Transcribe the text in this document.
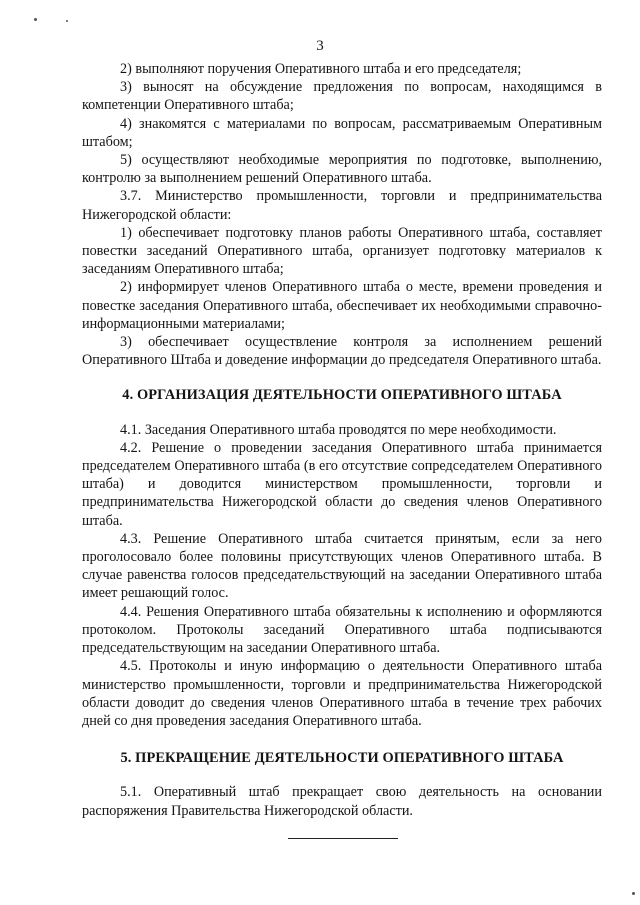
3

2) выполняют поручения Оперативного штаба и его председателя;

3) выносят на обсуждение предложения по вопросам, находящимся в компетенции Оперативного штаба;

4) знакомятся с материалами по вопросам, рассматриваемым Оперативным штабом;

5) осуществляют необходимые мероприятия по подготовке, выполнению, контролю за выполнением решений Оперативного штаба.

3.7. Министерство промышленности, торговли и предпринимательства Нижегородской области:

1) обеспечивает подготовку планов работы Оперативного штаба, составляет повестки заседаний Оперативного штаба, организует подготовку материалов к заседаниям Оперативного штаба;

2) информирует членов Оперативного штаба о месте, времени проведения и повестке заседания Оперативного штаба, обеспечивает их необходимыми справочно-информационными материалами;

3) обеспечивает осуществление контроля за исполнением решений Оперативного Штаба и доведение информации до председателя Оперативного штаба.

4. ОРГАНИЗАЦИЯ ДЕЯТЕЛЬНОСТИ ОПЕРАТИВНОГО ШТАБА

4.1. Заседания Оперативного штаба проводятся по мере необходимости.

4.2. Решение о проведении заседания Оперативного штаба принимается председателем Оперативного штаба (в его отсутствие сопредседателем Оперативного штаба) и доводится министерством промышленности, торговли и предпринимательства Нижегородской области до сведения членов Оперативного штаба.

4.3. Решение Оперативного штаба считается принятым, если за него проголосовало более половины присутствующих членов Оперативного штаба. В случае равенства голосов председательствующий на заседании Оперативного штаба имеет решающий голос.

4.4. Решения Оперативного штаба обязательны к исполнению и оформляются протоколом. Протоколы заседаний Оперативного штаба подписываются председательствующим на заседании Оперативного штаба.

4.5. Протоколы и иную информацию о деятельности Оперативного штаба министерство промышленности, торговли и предпринимательства Нижегородской области доводит до сведения членов Оперативного штаба в течение трех рабочих дней со дня проведения заседания Оперативного штаба.

5. ПРЕКРАЩЕНИЕ ДЕЯТЕЛЬНОСТИ ОПЕРАТИВНОГО ШТАБА

5.1. Оперативный штаб прекращает свою деятельность на основании распоряжения Правительства Нижегородской области.
